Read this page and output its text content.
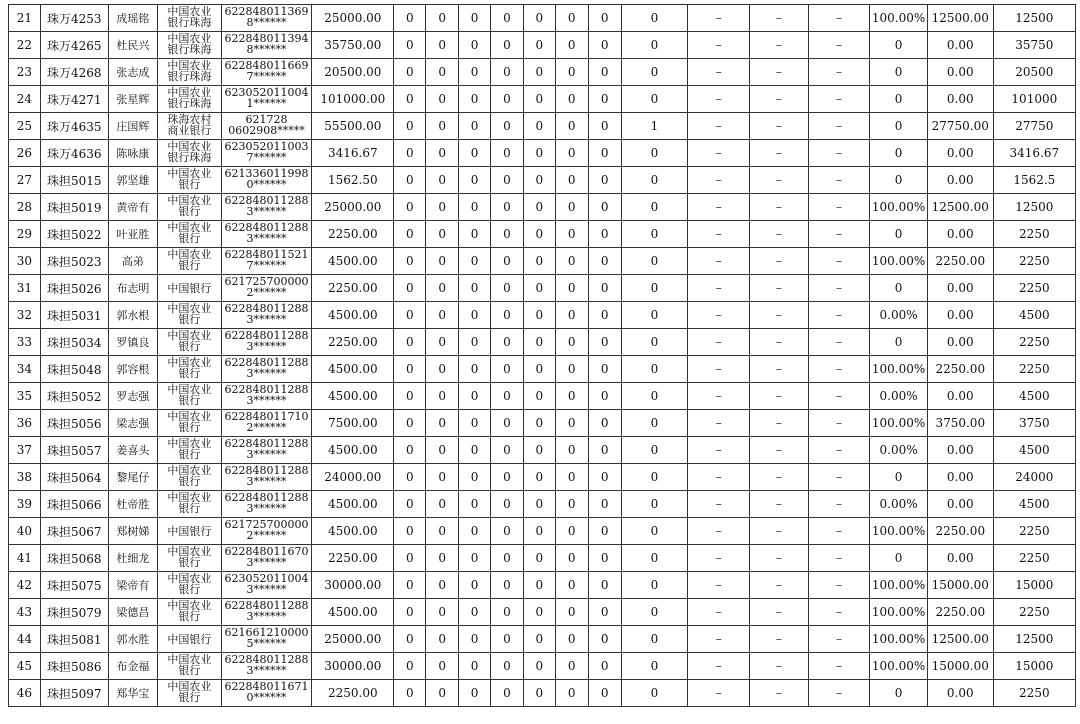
21	珠万4253	成瑶铭	中国农业
银行珠海	622848011369
8******	25000.00	0	0	0	0	0	0	0	0	–	–	–	100.00%	12500.00	12500
22	珠万4265	杜民兴	中国农业
银行珠海	622848011394
8******	35750.00	0	0	0	0	0	0	0	0	–	–	–	0	0.00	35750
23	珠万4268	张志成	中国农业
银行珠海	622848011669
7******	20500.00	0	0	0	0	0	0	0	0	–	–	–	0	0.00	20500
24	珠万4271	张星辉	中国农业
银行珠海	623052011004
1******	101000.00	0	0	0	0	0	0	0	0	–	–	–	0	0.00	101000
25	珠万4635	庄国辉	珠海农村
商业银行	621728
0602908*****	55500.00	0	0	0	0	0	0	0	1	–	–	–	0	27750.00	27750
26	珠万4636	陈咏康	中国农业
银行珠海	623052011003
7******	3416.67	0	0	0	0	0	0	0	0	–	–	–	0	0.00	3416.67
27	珠担5015	郭坚雄	中国农业
银行	621336011998
0******	1562.50	0	0	0	0	0	0	0	0	–	–	–	0	0.00	1562.5
28	珠担5019	黄帝有	中国农业
银行	622848011288
3******	25000.00	0	0	0	0	0	0	0	0	–	–	–	100.00%	12500.00	12500
29	珠担5022	叶亚胜	中国农业
银行	622848011288
3******	2250.00	0	0	0	0	0	0	0	0	–	–	–	0	0.00	2250
30	珠担5023	高弟	中国农业
银行	622848011521
7******	4500.00	0	0	0	0	0	0	0	0	–	–	–	100.00%	2250.00	2250
31	珠担5026	布志明	中国银行	621725700000
2******	2250.00	0	0	0	0	0	0	0	0	–	–	–	0	0.00	2250
32	珠担5031	郭水根	中国农业
银行	622848011288
3******	4500.00	0	0	0	0	0	0	0	0	–	–	–	0.00%	0.00	4500
33	珠担5034	罗镇良	中国农业
银行	622848011288
3******	2250.00	0	0	0	0	0	0	0	0	–	–	–	0	0.00	2250
34	珠担5048	郭容根	中国农业
银行	622848011288
3******	4500.00	0	0	0	0	0	0	0	0	–	–	–	100.00%	2250.00	2250
35	珠担5052	罗志强	中国农业
银行	622848011288
3******	4500.00	0	0	0	0	0	0	0	0	–	–	–	0.00%	0.00	4500
36	珠担5056	梁志强	中国农业
银行	622848011710
2******	7500.00	0	0	0	0	0	0	0	0	–	–	–	100.00%	3750.00	3750
37	珠担5057	姜喜头	中国农业
银行	622848011288
3******	4500.00	0	0	0	0	0	0	0	0	–	–	–	0.00%	0.00	4500
38	珠担5064	黎尾仔	中国农业
银行	622848011288
3******	24000.00	0	0	0	0	0	0	0	0	–	–	–	0	0.00	24000
39	珠担5066	杜帝胜	中国农业
银行	622848011288
3******	4500.00	0	0	0	0	0	0	0	0	–	–	–	0.00%	0.00	4500
40	珠担5067	郑树娣	中国银行	621725700000
2******	4500.00	0	0	0	0	0	0	0	0	–	–	–	100.00%	2250.00	2250
41	珠担5068	杜细龙	中国农业
银行	622848011670
3******	2250.00	0	0	0	0	0	0	0	0	–	–	–	0	0.00	2250
42	珠担5075	梁帝有	中国农业
银行	623052011004
3******	30000.00	0	0	0	0	0	0	0	0	–	–	–	100.00%	15000.00	15000
43	珠担5079	梁德昌	中国农业
银行	622848011288
3******	4500.00	0	0	0	0	0	0	0	0	–	–	–	100.00%	2250.00	2250
44	珠担5081	郭水胜	中国银行	621661210000
5******	25000.00	0	0	0	0	0	0	0	0	–	–	–	100.00%	12500.00	12500
45	珠担5086	布金福	中国农业
银行	622848011288
3******	30000.00	0	0	0	0	0	0	0	0	–	–	–	100.00%	15000.00	15000
46	珠担5097	郑华宝	中国农业
银行	622848011671
0******	2250.00	0	0	0	0	0	0	0	0	–	–	–	0	0.00	2250
